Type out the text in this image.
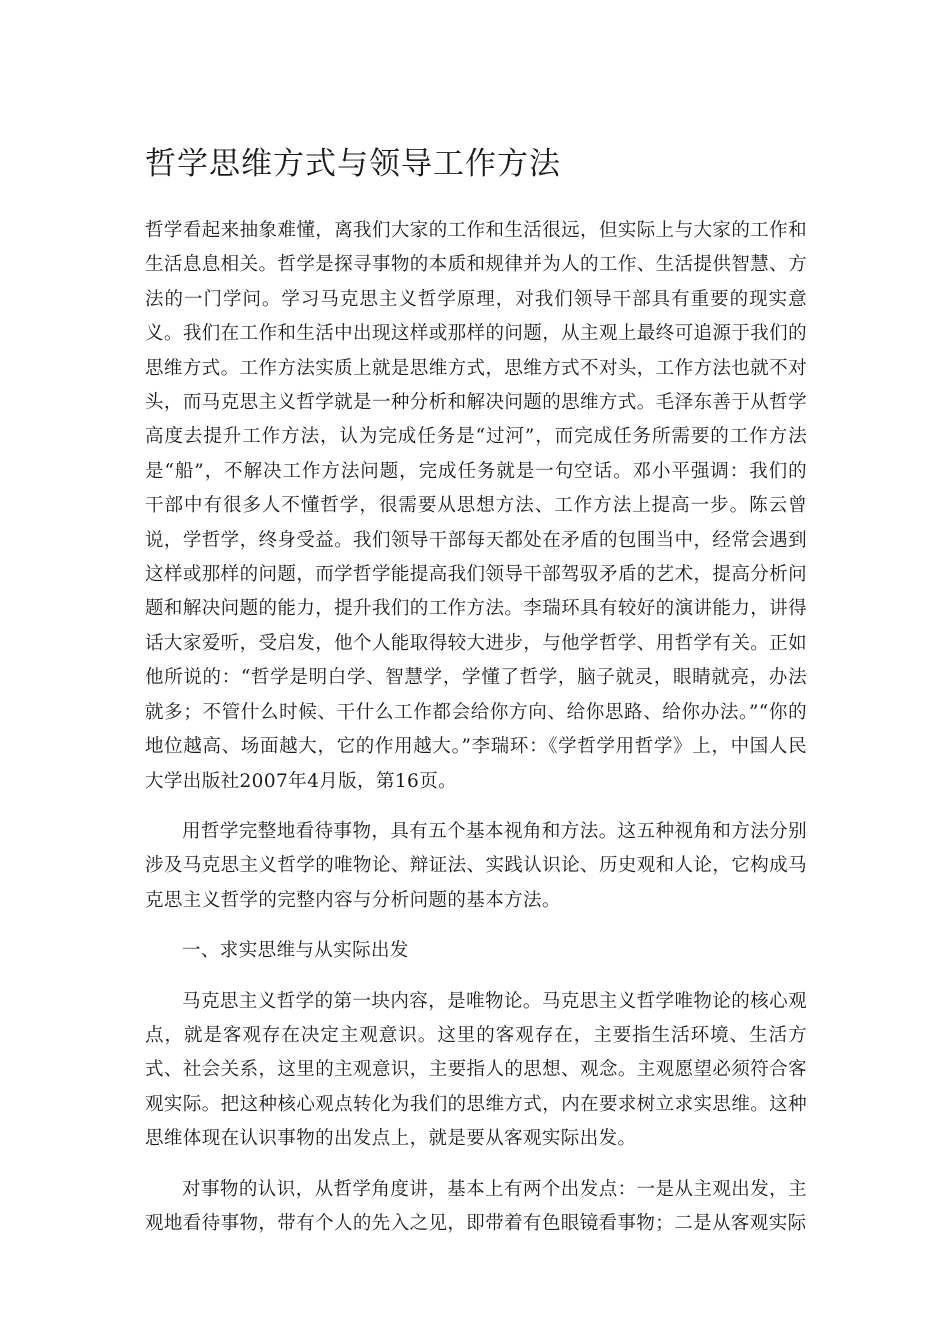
哲学思维方式与领导工作方法

哲学看起来抽象难懂，离我们大家的工作和生活很远，但实际上与大家的工作和生活息息相关。哲学是探寻事物的本质和规律并为人的工作、生活提供智慧、方法的一门学问。学习马克思主义哲学原理，对我们领导干部具有重要的现实意义。我们在工作和生活中出现这样或那样的问题，从主观上最终可追源于我们的思维方式。工作方法实质上就是思维方式，思维方式不对头，工作方法也就不对头，而马克思主义哲学就是一种分析和解决问题的思维方式。毛泽东善于从哲学高度去提升工作方法，认为完成任务是“过河”，而完成任务所需要的工作方法是“船”，不解决工作方法问题，完成任务就是一句空话。邓小平强调：我们的干部中有很多人不懂哲学，很需要从思想方法、工作方法上提高一步。陈云曾说，学哲学，终身受益。我们领导干部每天都处在矛盾的包围当中，经常会遇到这样或那样的问题，而学哲学能提高我们领导干部驾驭矛盾的艺术，提高分析问题和解决问题的能力，提升我们的工作方法。李瑞环具有较好的演讲能力，讲得话大家爱听，受启发，他个人能取得较大进步，与他学哲学、用哲学有关。正如他所说的：“哲学是明白学、智慧学，学懂了哲学，脑子就灵，眼睛就亮，办法就多；不管什么时候、干什么工作都会给你方向、给你思路、给你办法。”“你的地位越高、场面越大，它的作用越大。”李瑞环：《学哲学用哲学》上，中国人民大学出版社2007年4月版，第16页。

用哲学完整地看待事物，具有五个基本视角和方法。这五种视角和方法分别涉及马克思主义哲学的唯物论、辩证法、实践认识论、历史观和人论，它构成马克思主义哲学的完整内容与分析问题的基本方法。

一、求实思维与从实际出发

马克思主义哲学的第一块内容，是唯物论。马克思主义哲学唯物论的核心观点，就是客观存在决定主观意识。这里的客观存在，主要指生活环境、生活方式、社会关系，这里的主观意识，主要指人的思想、观念。主观愿望必须符合客观实际。把这种核心观点转化为我们的思维方式，内在要求树立求实思维。这种思维体现在认识事物的出发点上，就是要从客观实际出发。

对事物的认识，从哲学角度讲，基本上有两个出发点：一是从主观出发，主观地看待事物，带有个人的先入之见，即带着有色眼镜看事物；二是从客观实际
